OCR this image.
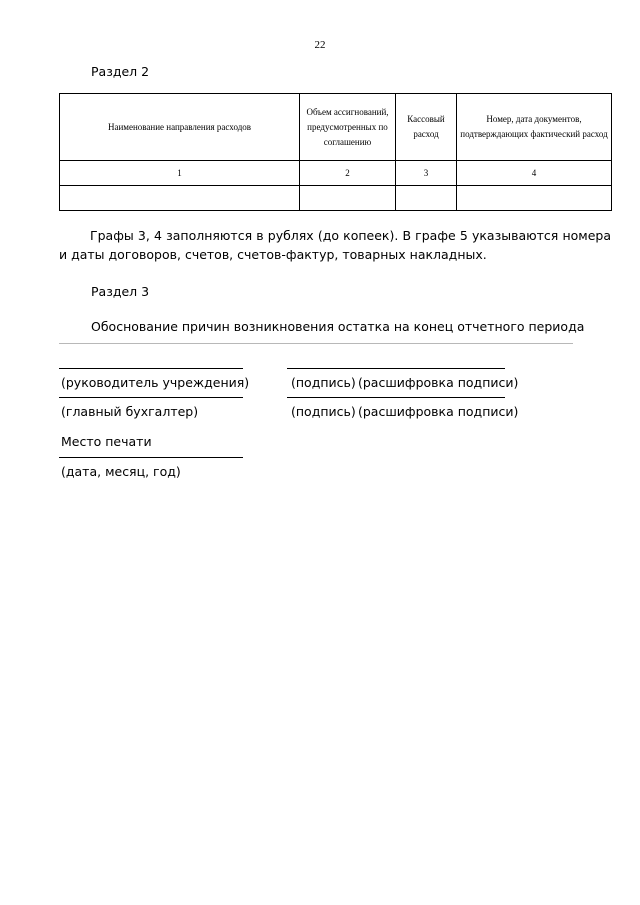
22
Раздел 2
Наименование направления расходов	Объем ассигнований, предусмотренных по соглашению	Кассовый расход	Номер, дата документов, подтверждающих фактический расход
1	2	3	4

Графы 3, 4 заполняются в рублях (до копеек). В графе 5 указываются номера и даты договоров, счетов, счетов-фактур, товарных накладных.
Раздел 3
Обоснование причин возникновения остатка на конец отчетного периода
(руководитель учреждения)	(подпись) (расшифровка подписи)
(главный бухгалтер)	(подпись) (расшифровка подписи)
Место печати
(дата, месяц, год)
